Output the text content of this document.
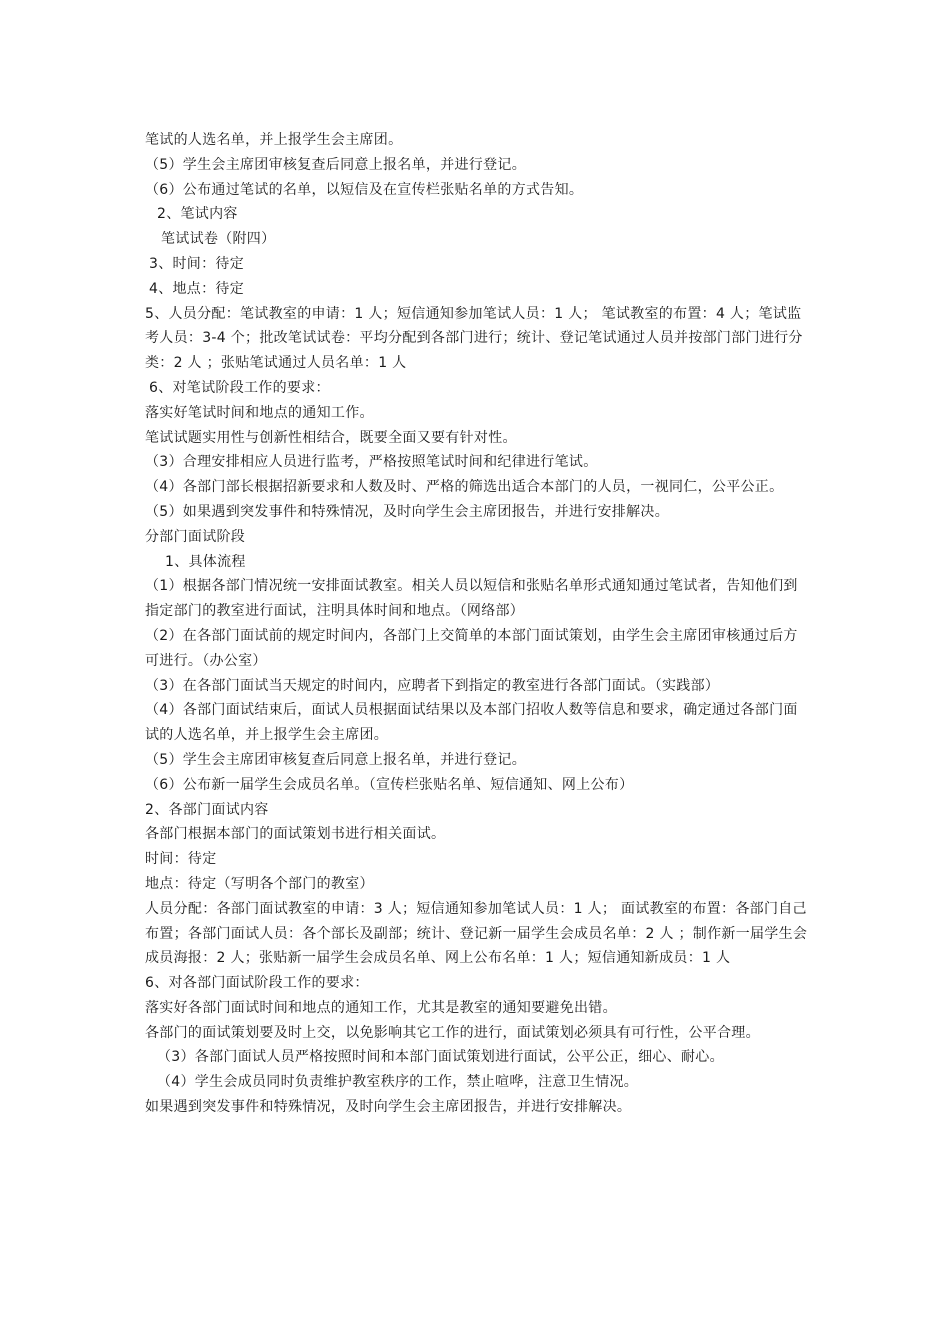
笔试的人选名单，并上报学生会主席团。

（5）学生会主席团审核复查后同意上报名单，并进行登记。

（6）公布通过笔试的名单，以短信及在宣传栏张贴名单的方式告知。

2、笔试内容

笔试试卷（附四）

3、时间：待定

4、地点：待定

5、人员分配：笔试教室的申请：1 人；短信通知参加笔试人员：1 人； 笔试教室的布置：4 人；笔试监考人员：3-4 个；批改笔试试卷：平均分配到各部门进行；统计、登记笔试通过人员并按部门部门进行分类：2 人 ；张贴笔试通过人员名单：1 人

6、对笔试阶段工作的要求：

落实好笔试时间和地点的通知工作。

笔试试题实用性与创新性相结合，既要全面又要有针对性。

（3）合理安排相应人员进行监考，严格按照笔试时间和纪律进行笔试。

（4）各部门部长根据招新要求和人数及时、严格的筛选出适合本部门的人员，一视同仁，公平公正。

（5）如果遇到突发事件和特殊情况，及时向学生会主席团报告，并进行安排解决。

分部门面试阶段

1、具体流程

（1）根据各部门情况统一安排面试教室。相关人员以短信和张贴名单形式通知通过笔试者，告知他们到指定部门的教室进行面试，注明具体时间和地点。（网络部）

（2）在各部门面试前的规定时间内，各部门上交简单的本部门面试策划，由学生会主席团审核通过后方可进行。（办公室）

（3）在各部门面试当天规定的时间内，应聘者下到指定的教室进行各部门面试。（实践部）

（4）各部门面试结束后，面试人员根据面试结果以及本部门招收人数等信息和要求，确定通过各部门面试的人选名单，并上报学生会主席团。

（5）学生会主席团审核复查后同意上报名单，并进行登记。

（6）公布新一届学生会成员名单。（宣传栏张贴名单、短信通知、网上公布）

2、各部门面试内容

各部门根据本部门的面试策划书进行相关面试。

时间：待定

地点：待定（写明各个部门的教室）

人员分配：各部门面试教室的申请：3 人；短信通知参加笔试人员：1 人； 面试教室的布置：各部门自己布置；各部门面试人员：各个部长及副部；统计、登记新一届学生会成员名单：2 人 ；制作新一届学生会成员海报：2 人；张贴新一届学生会成员名单、网上公布名单：1 人；短信通知新成员：1 人

6、对各部门面试阶段工作的要求：

落实好各部门面试时间和地点的通知工作，尤其是教室的通知要避免出错。

各部门的面试策划要及时上交，以免影响其它工作的进行，面试策划必须具有可行性，公平合理。

（3）各部门面试人员严格按照时间和本部门面试策划进行面试，公平公正，细心、耐心。

（4）学生会成员同时负责维护教室秩序的工作，禁止喧哗，注意卫生情况。

如果遇到突发事件和特殊情况，及时向学生会主席团报告，并进行安排解决。
